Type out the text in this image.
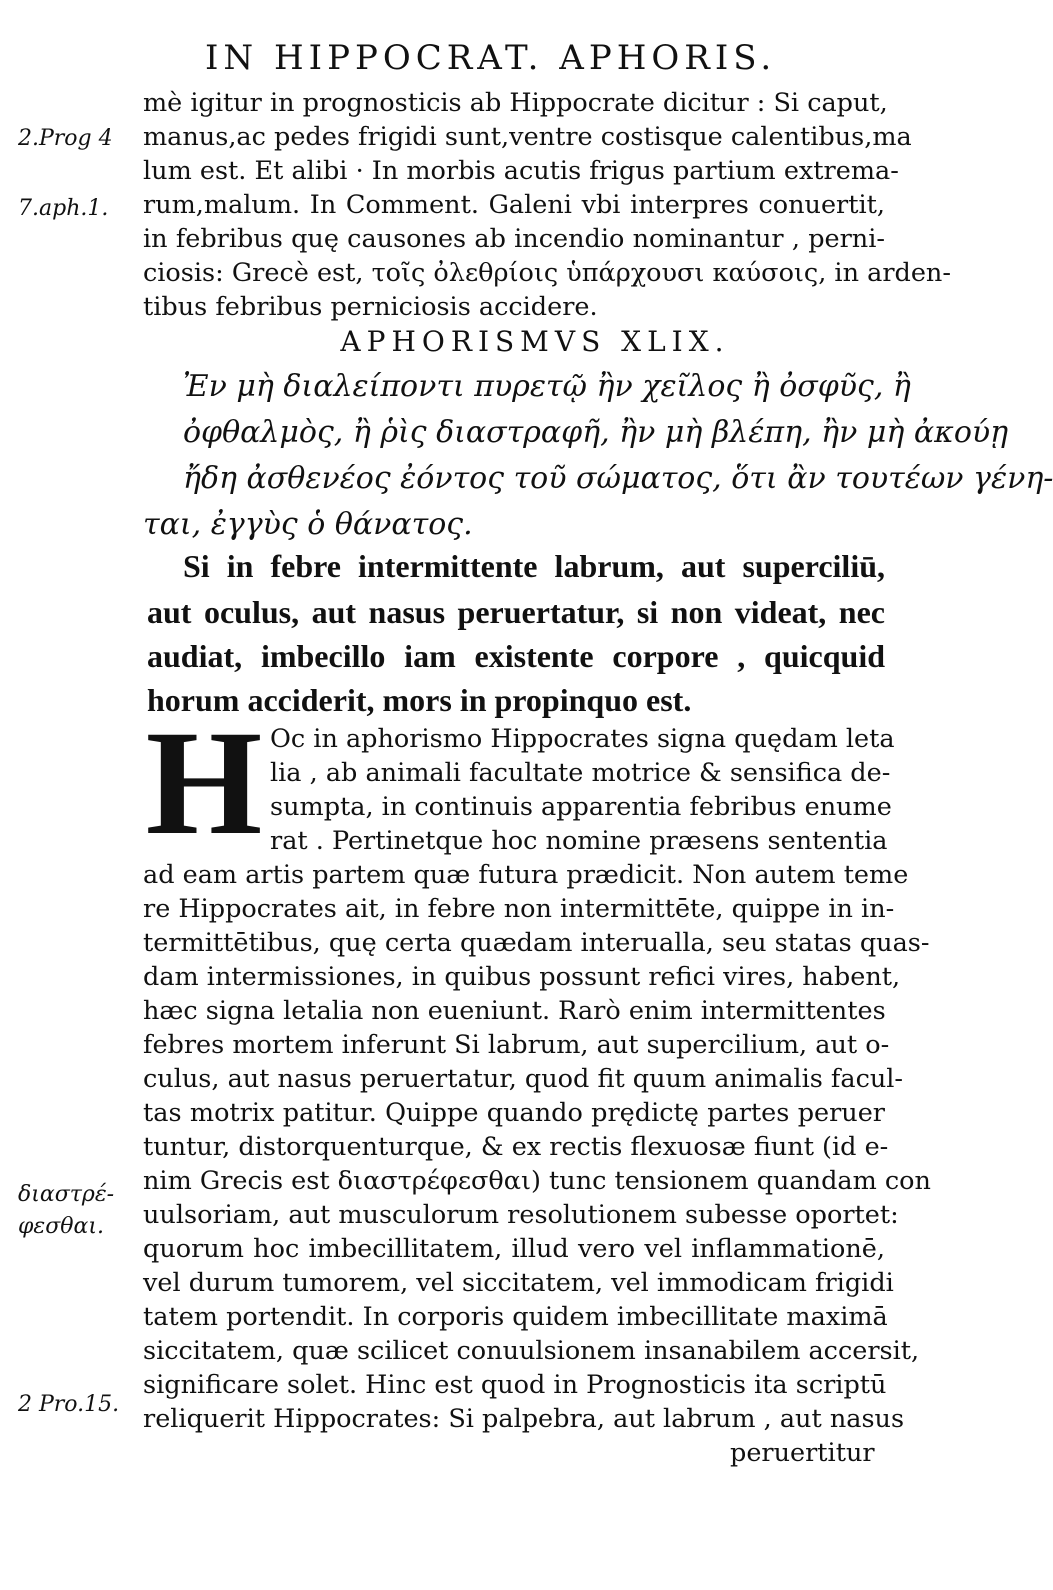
IN HIPPOCRAT. APHORIS.
2.Prog 4
7.aph.1.
διαστρέ-
φεσθαι.
2 Pro.15.
mè igitur in prognosticis ab Hippocrate dicitur : Si caput,
manus,ac pedes frigidi sunt,ventre costisque calentibus,ma
lum est. Et alibi · In morbis acutis frigus partium extrema-
rum,malum. In Comment. Galeni vbi interpres conuertit,
in febribus quę causones ab incendio nominantur , perni-
ciosis: Grecè est, τοῖς ὀλεθρίοις ὑπάρχουσι καύσοις, in arden-
tibus febribus perniciosis accidere.
APHORISMVS XLIX.
Ἐν μὴ διαλείποντι πυρετῷ ἢν χεῖλος ἢ ὀσφῦς, ἢ
ὀφθαλμὸς, ἢ ῥὶς διαστραφῆ, ἢν μὴ βλέπη, ἢν μὴ ἀκούῃ
ἤδη ἀσθενέος ἐόντος τοῦ σώματος, ὅτι ἂν τουτέων γένη-
ται, ἐγγὺς ὁ θάνατος.
Si in febre intermittente labrum, aut superciliū,
aut oculus, aut nasus peruertatur, si non videat, nec
audiat, imbecillo iam existente corpore , quicquid
horum acciderit, mors in propinquo est.
H Oc in aphorismo Hippocrates signa quędam leta
lia , ab animali facultate motrice & sensifica de-
sumpta, in continuis apparentia febribus enume
rat . Pertinetque hoc nomine præsens sententia
ad eam artis partem quæ futura prædicit. Non autem teme
re Hippocrates ait, in febre non intermittēte, quippe in in-
termittētibus, quę certa quædam interualla, seu statas quas-
dam intermissiones, in quibus possunt refici vires, habent,
hæc signa letalia non eueniunt. Rarò enim intermittentes
febres mortem inferunt Si labrum, aut supercilium, aut o-
culus, aut nasus peruertatur, quod fit quum animalis facul-
tas motrix patitur. Quippe quando prędictę partes peruer
tuntur, distorquenturque, & ex rectis flexuosæ fiunt (id e-
nim Grecis est διαστρέφεσθαι) tunc tensionem quandam con
uulsoriam, aut musculorum resolutionem subesse oportet:
quorum hoc imbecillitatem, illud vero vel inflammationē,
vel durum tumorem, vel siccitatem, vel immodicam frigidi
tatem portendit. In corporis quidem imbecillitate maximā
siccitatem, quæ scilicet conuulsionem insanabilem accersit,
significare solet. Hinc est quod in Prognosticis ita scriptū
reliquerit Hippocrates: Si palpebra, aut labrum , aut nasus
peruertitur
